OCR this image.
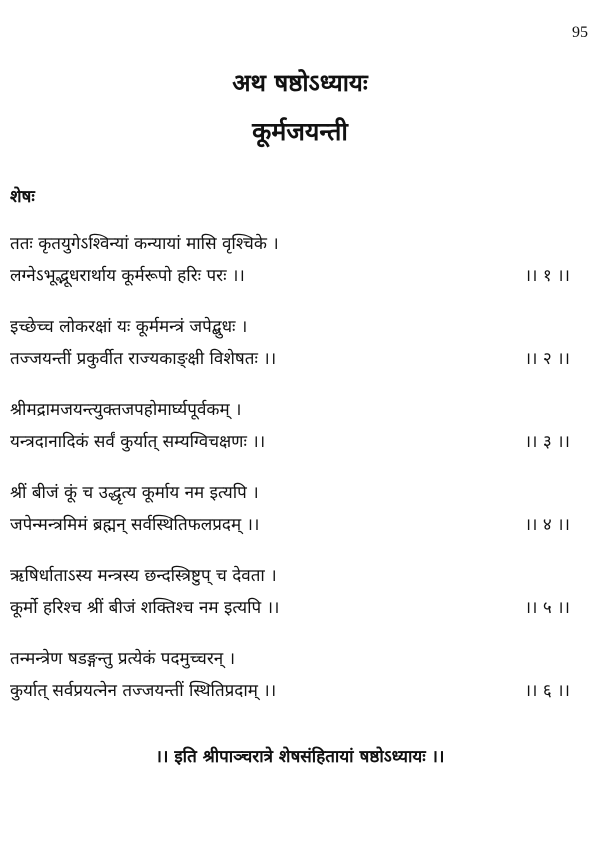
95
अथ षष्ठोऽध्यायः
कूर्मजयन्ती
शेषः
ततः कृतयुगेऽश्विन्यां कन्यायां मासि वृश्चिके ।
लग्नेऽभूद्भूधरार्थाय कूर्मरूपो हरिः परः ।।	।। १ ।।
इच्छेच्च लोकरक्षां यः कूर्ममन्त्रं जपेद्बुधः ।
तज्जयन्तीं प्रकुर्वीत राज्यकाङ्क्षी विशेषतः ।।	।। २ ।।
श्रीमद्रामजयन्त्युक्तजपहोमार्घ्यपूर्वकम् ।
यन्त्रदानादिकं सर्वं कुर्यात् सम्यग्विचक्षणः ।।	।। ३ ।।
श्रीं बीजं कूं च उद्धृत्य कूर्माय नम इत्यपि ।
जपेन्मन्त्रमिमं ब्रह्मन् सर्वस्थितिफलप्रदम् ।।	।। ४ ।।
ऋषिर्धाताऽस्य मन्त्रस्य छन्दस्त्रिष्टुप् च देवता ।
कूर्मो हरिश्च श्रीं बीजं शक्तिश्च नम इत्यपि ।।	।। ५ ।।
तन्मन्त्रेण षडङ्गन्तु प्रत्येकं पदमुच्चरन् ।
कुर्यात् सर्वप्रयत्नेन तज्जयन्तीं स्थितिप्रदाम् ।।	।। ६ ।।
।। इति श्रीपाञ्चरात्रे शेषसंहितायां षष्ठोऽध्यायः ।।
